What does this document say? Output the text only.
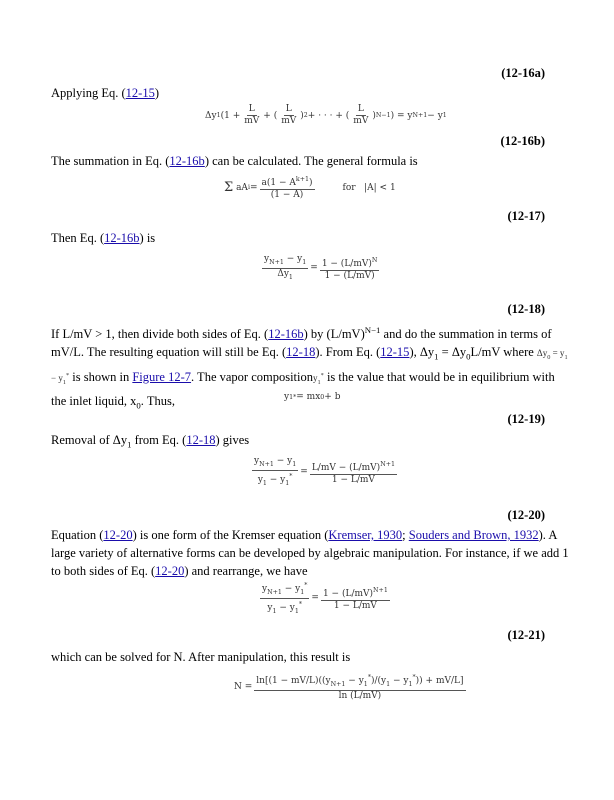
(12-16a)
(12-16b)
(12-17)
(12-18)
(12-19)
(12-20)
(12-21)
Applying Eq. (12-15)
Δy 1 ($1 + \frac{L}{mV}$ + ( $\frac{L}{mV}$ ) 2 + · · · + ( $\frac{L}{mV}$ ) N−1 ) = y N+1 − y 1
The summation in Eq. (12-16b) can be calculated. The general formula is
Σ aA $i = \frac{a(1 - A^{k+1})}{(1 - A)}$	for   |A| < 1
Then Eq. (12-16b) is
$\frac{y_{N+1} - y_1}{\Delta y_1} = \frac{1 - (L/mV)^N}{1 - (L/mV)}$
If L/mV > 1, then divide both sides of Eq. (12-16b) by $(L/mV)^{N-1}$ and do the summation in terms of mV/L. The resulting equation will still be Eq. (12-18). From Eq. (12-15), $\Delta y_1 = \Delta y_0L/mV$ where $\Delta y_0 = y_1 - y_1^*$ is shown in Figure 12-7. The vapor compositiony$_1$* is the value that would be in equilibrium with the inlet liquid, $x_0$. Thus,	y 1 * = mx 0 + b
Removal of $\Delta y_1$ from Eq. (12-18) gives
$\frac{y_{N+1} - y_1}{y_1 - y_1^*} = \frac{L/mV - (L/mV)^{N+1}}{1 - L/mV}$
Equation (12-20) is one form of the Kremser equation (Kremser, 1930; Souders and Brown, 1932). A large variety of alternative forms can be developed by algebraic manipulation. For instance, if we add 1 to both sides of Eq. (12-20) and rearrange, we have
$\frac{y_{N+1} - y_1^*}{y_1 - y_1^*} = \frac{1 - (L/mV)^{N+1}}{1 - L/mV}$
which can be solved for N. After manipulation, this result is
$N = \frac{\ln[(1 - mV/L)((y_{N+1} - y_1^*)/(y_1 - y_1^*)) + mV/L]}{\ln (L/mV)}$
